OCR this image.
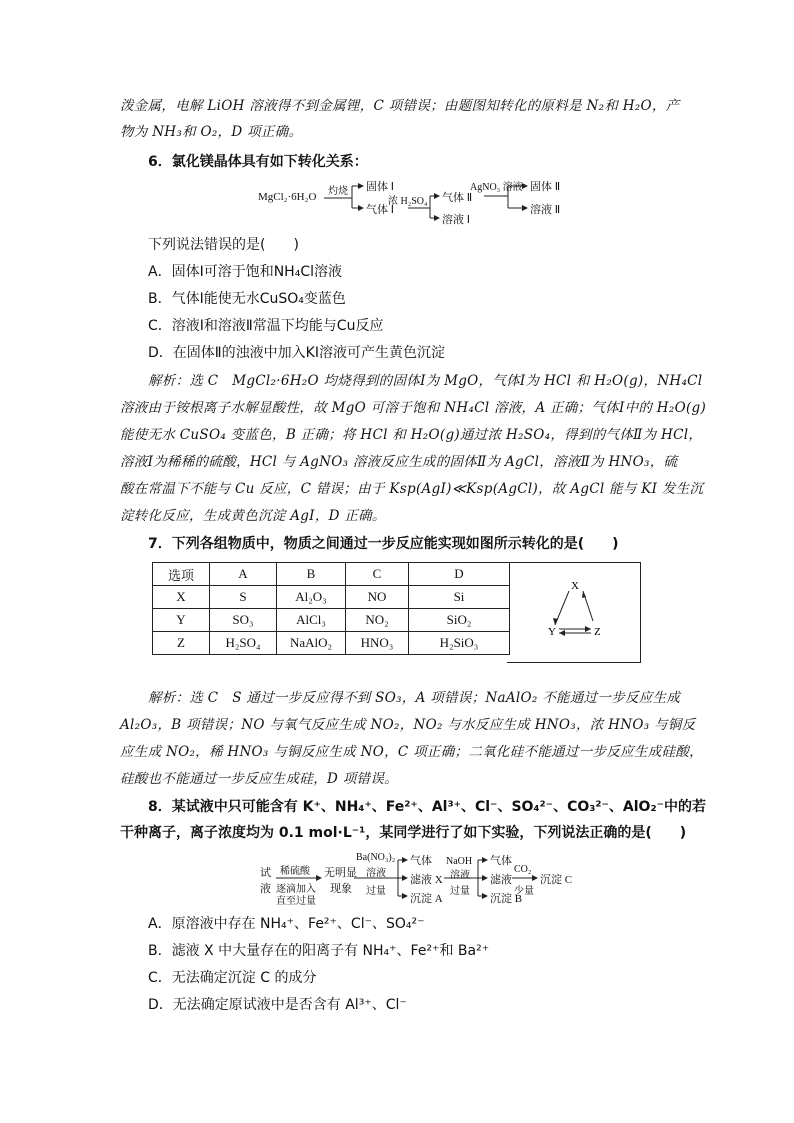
泼金属，电解 LiOH 溶液得不到金属锂，C 项错误；由题图知转化的原料是 N₂和 H₂O，产
物为 NH₃和 O₂，D 项正确。
6．氯化镁晶体具有如下转化关系：
MgCl₂·6H₂O 灼烧 固体 Ⅰ
气体 Ⅰ
浓 H₂SO₄ 气体 Ⅱ
溶液 Ⅰ
AgNO₃ 溶液 固体 Ⅱ
溶液 Ⅱ
下列说法错误的是(　　)
A．固体Ⅰ可溶于饱和NH₄Cl溶液
B．气体Ⅰ能使无水CuSO₄变蓝色
C．溶液Ⅰ和溶液Ⅱ常温下均能与Cu反应
D．在固体Ⅱ的浊液中加入KI溶液可产生黄色沉淀
解析：选 C　MgCl₂·6H₂O 均烧得到的固体Ⅰ为 MgO，气体Ⅰ为 HCl 和 H₂O(g)，NH₄Cl
溶液由于铵根离子水解显酸性，故 MgO 可溶于饱和 NH₄Cl 溶液，A 正确；气体Ⅰ中的 H₂O(g)
能使无水 CuSO₄ 变蓝色，B 正确；将 HCl 和 H₂O(g)通过浓 H₂SO₄，得到的气体Ⅱ为 HCl，
溶液Ⅰ为稀稀的硫酸，HCl 与 AgNO₃ 溶液反应生成的固体Ⅱ为 AgCl，溶液Ⅱ为 HNO₃，硫
酸在常温下不能与 Cu 反应，C 错误；由于 Ksp(AgI)≪Ksp(AgCl)，故 AgCl 能与 KI 发生沉
淀转化反应，生成黄色沉淀 AgI，D 正确。
7．下列各组物质中，物质之间通过一步反应能实现如图所示转化的是(　　)
选项	A	B	C	D
X	S	Al₂O₃	NO	Si
Y	SO₃	AlCl₃	NO₂	SiO₂
Z	H₂SO₄	NaAlO₂	HNO₃	H₂SiO₃
X
Y	Z
解析：选 C　S 通过一步反应得不到 SO₃，A 项错误；NaAlO₂ 不能通过一步反应生成
Al₂O₃，B 项错误；NO 与氧气反应生成 NO₂，NO₂ 与水反应生成 HNO₃，浓 HNO₃ 与铜反
应生成 NO₂，稀 HNO₃ 与铜反应生成 NO，C 项正确；二氧化硅不能通过一步反应生成硅酸，
硅酸也不能通过一步反应生成硅，D 项错误。
8．某试液中只可能含有 K⁺、NH₄⁺、Fe²⁺、Al³⁺、Cl⁻、SO₄²⁻、CO₃²⁻、AlO₂⁻中的若
干种离子，离子浓度均为 0.1 mol·L⁻¹，某同学进行了如下实验，下列说法正确的是(　　)
试
液
稀硫酸
逐滴加入
直至过量
无明显
现象
Ba(NO₃)₂
溶液
过量
气体
滤液 X
沉淀 A
NaOH
溶液
过量
气体
滤液
沉淀 B
CO₂
少量
沉淀 C
A．原溶液中存在 NH₄⁺、Fe²⁺、Cl⁻、SO₄²⁻
B．滤液 X 中大量存在的阳离子有 NH₄⁺、Fe²⁺和 Ba²⁺
C．无法确定沉淀 C 的成分
D．无法确定原试液中是否含有 Al³⁺、Cl⁻
